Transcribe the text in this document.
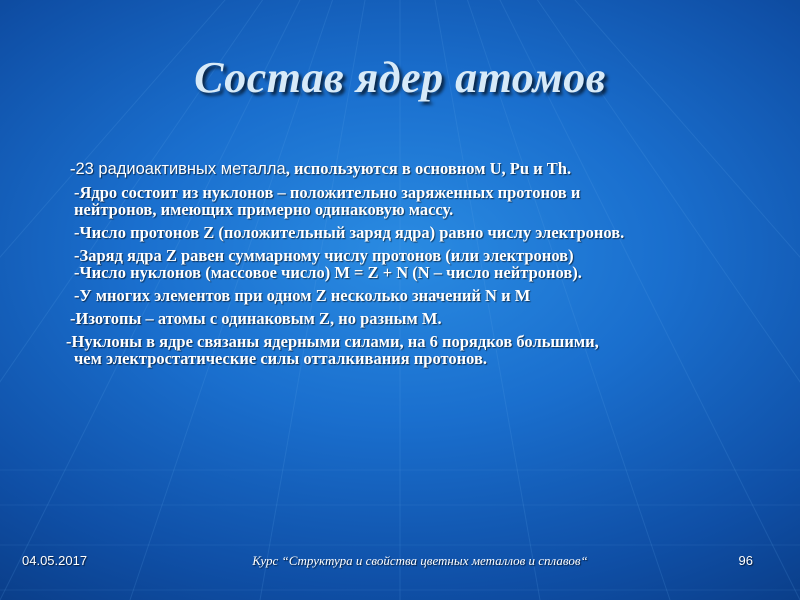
Состав ядер атомов
-23 радиоактивных металла, используются в основном U, Pu и Th.
-Ядро состоит из нуклонов – положительно заряженных протонов и
нейтронов, имеющих примерно одинаковую массу.
-Число протонов Z (положительный заряд ядра) равно числу электронов.
-Заряд ядра Z равен суммарному числу протонов (или электронов)
-Число нуклонов (массовое число) M = Z + N (N – число нейтронов).
-У многих элементов при одном Z несколько значений N и M
-Изотопы – атомы с одинаковым Z, но разным M.
-Нуклоны в ядре связаны ядерными силами, на 6 порядков большими,
чем электростатические силы отталкивания протонов.
04.05.2017	Курс “Структура и свойства цветных металлов и сплавов“	96
